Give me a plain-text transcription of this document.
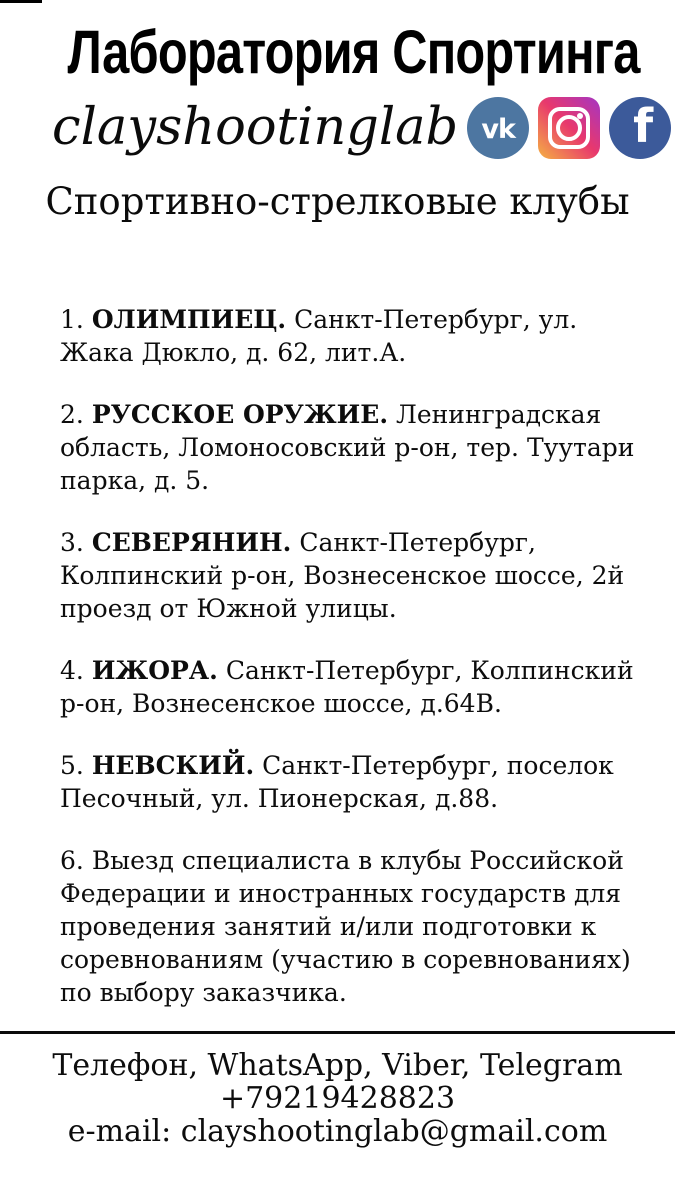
Лаборатория Спортинга
clayshootinglab vk	f
Спортивно-стрелковые клубы

1. ОЛИМПИЕЦ. Санкт-Петербург, ул. Жака Дюкло, д. 62, лит.А.

2. РУССКОЕ ОРУЖИЕ. Ленинградская область, Ломоносовский р-он, тер. Туутари парка, д. 5.

3. СЕВЕРЯНИН. Санкт-Петербург, Колпинский р-он, Вознесенское шоссе, 2й проезд от Южной улицы.

4. ИЖОРА. Санкт-Петербург, Колпинский р-он, Вознесенское шоссе, д.64В.

5. НЕВСКИЙ. Санкт-Петербург, поселок Песочный, ул. Пионерская, д.88.

6. Выезд специалиста в клубы Российской Федерации и иностранных государств для проведения занятий и/или подготовки к соревнованиям (участию в соревнованиях) по выбору заказчика.

Телефон, WhatsApp, Viber, Telegram
+79219428823
e-mail: clayshootinglab@gmail.com
